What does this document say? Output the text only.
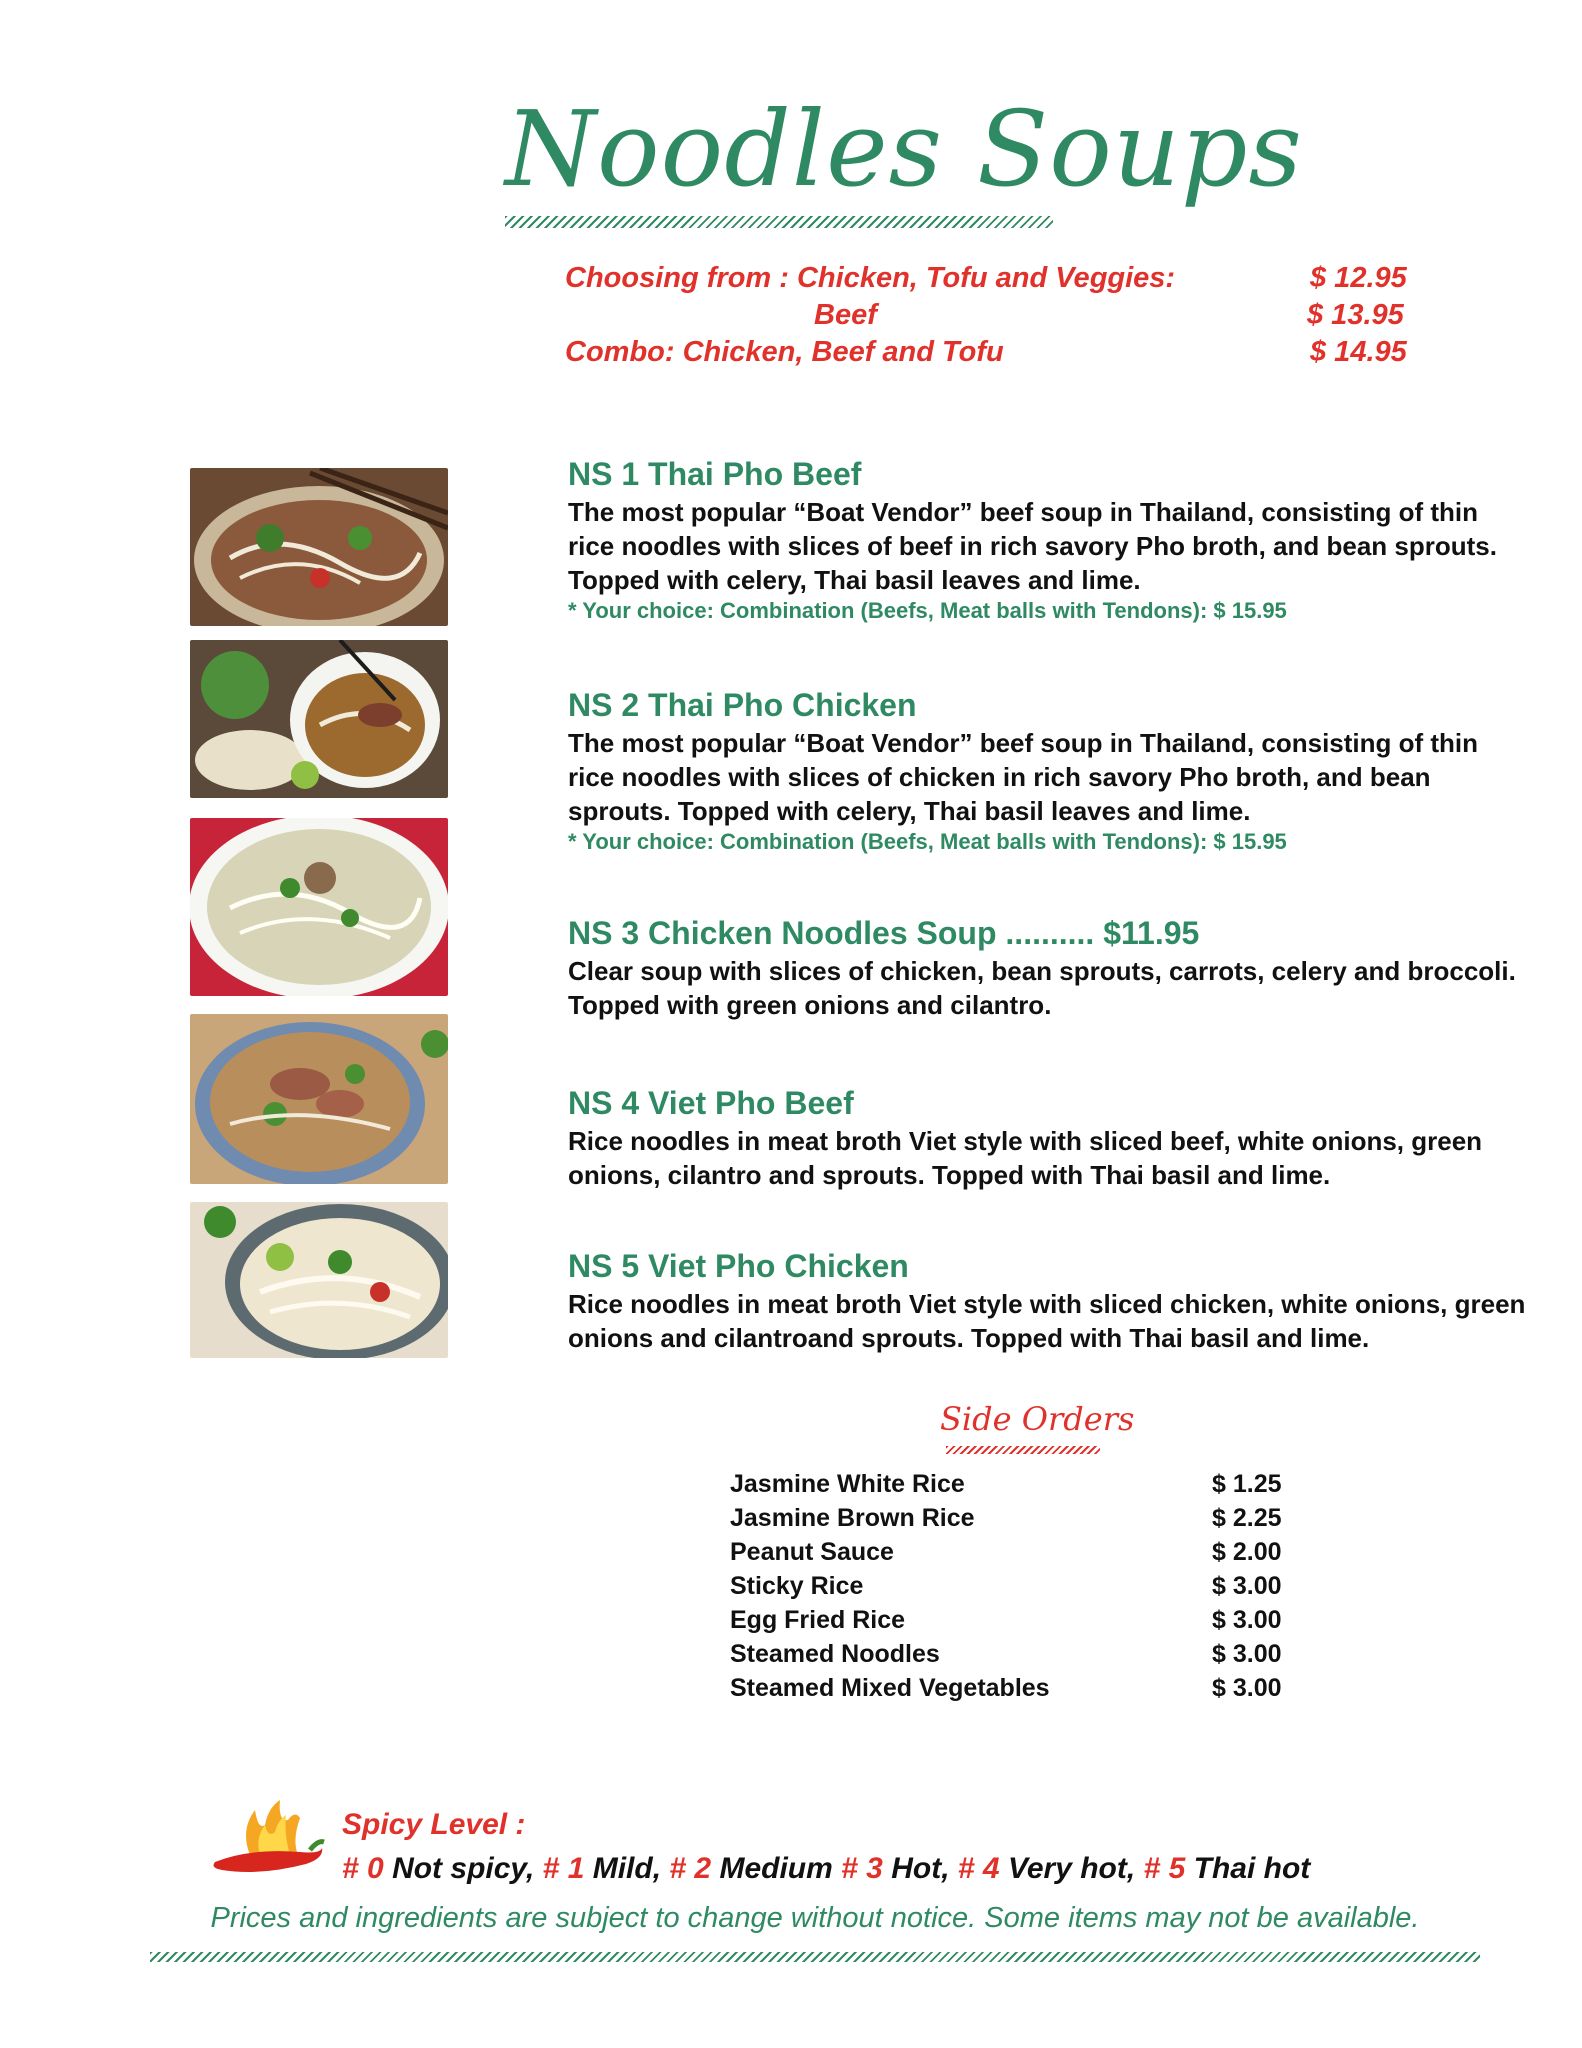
Noodles Soups
Choosing from : Chicken, Tofu and Veggies:	$ 12.95
Beef	$ 13.95
Combo: Chicken, Beef and Tofu	$ 14.95
NS 1 Thai Pho Beef
The most popular “Boat Vendor” beef soup in Thailand, consisting of thin rice noodles with slices of beef in rich savory Pho broth, and bean sprouts. Topped with celery, Thai basil leaves and lime.
* Your choice: Combination (Beefs, Meat balls with Tendons): $ 15.95
NS 2 Thai Pho Chicken
The most popular “Boat Vendor” beef soup in Thailand, consisting of thin rice noodles with slices of chicken in rich savory Pho broth, and bean sprouts. Topped with celery, Thai basil leaves and lime.
* Your choice: Combination (Beefs, Meat balls with Tendons): $ 15.95
NS 3 Chicken Noodles Soup .......... $11.95
Clear soup with slices of chicken, bean sprouts, carrots, celery and broccoli. Topped with green onions and cilantro.
NS 4 Viet Pho Beef
Rice noodles in meat broth Viet style with sliced beef, white onions, green onions, cilantro and sprouts. Topped with Thai basil and lime.
NS 5 Viet Pho Chicken
Rice noodles in meat broth Viet style with sliced chicken, white onions, green onions and cilantroand sprouts. Topped with Thai basil and lime.
Side Orders
Jasmine White Rice	$ 1.25
Jasmine Brown Rice	$ 2.25
Peanut Sauce	$ 2.00
Sticky Rice	$ 3.00
Egg Fried Rice	$ 3.00
Steamed Noodles	$ 3.00
Steamed Mixed Vegetables	$ 3.00
Spicy Level :
# 0 Not spicy, # 1 Mild, # 2 Medium # 3 Hot, # 4 Very hot, # 5 Thai hot
Prices and ingredients are subject to change without notice. Some items may not be available.
